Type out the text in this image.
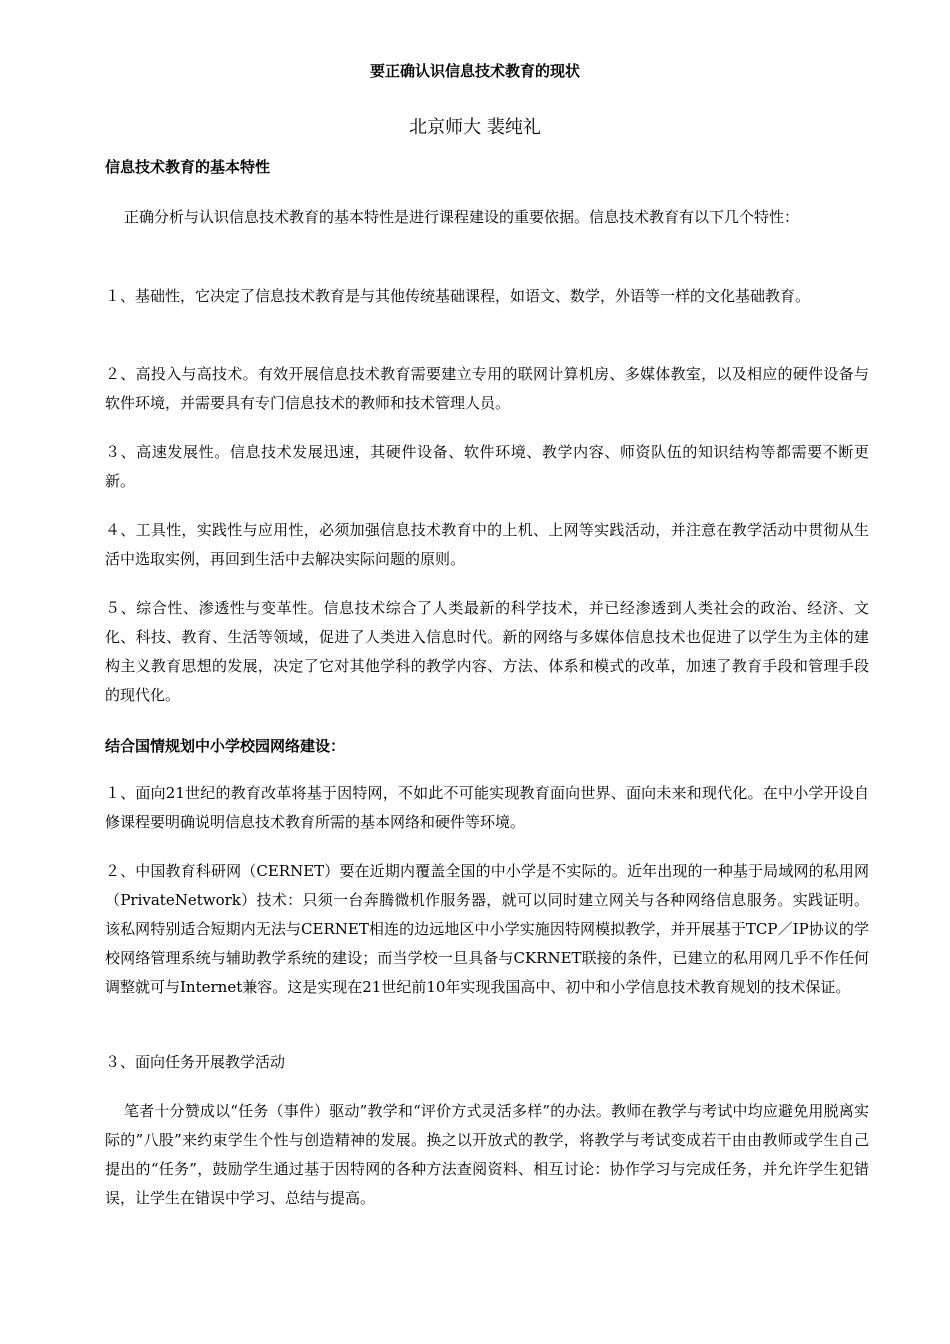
要正确认识信息技术教育的现状
北京师大 裴纯礼
信息技术教育的基本特性
正确分析与认识信息技术教育的基本特性是进行课程建设的重要依据。信息技术教育有以下几个特性：
１、基础性，它决定了信息技术教育是与其他传统基础课程，如语文、数学，外语等一样的文化基础教育。
２、高投入与高技术。有效开展信息技术教育需要建立专用的联网计算机房、多媒体教室，以及相应的硬件设备与软件环境，并需要具有专门信息技术的教师和技术管理人员。
３、高速发展性。信息技术发展迅速，其硬件设备、软件环境、教学内容、师资队伍的知识结构等都需要不断更新。
４、工具性，实践性与应用性，必须加强信息技术教育中的上机、上网等实践活动，并注意在教学活动中贯彻从生活中选取实例，再回到生活中去解决实际问题的原则。
５、综合性、渗透性与变革性。信息技术综合了人类最新的科学技术，并已经渗透到人类社会的政治、经济、文化、科技、教育、生活等领域，促进了人类进入信息时代。新的网络与多媒体信息技术也促进了以学生为主体的建构主义教育思想的发展，决定了它对其他学科的教学内容、方法、体系和模式的改革，加速了教育手段和管理手段的现代化。
结合国情规划中小学校园网络建设：
１、面向21世纪的教育改革将基于因特网，不如此不可能实现教育面向世界、面向未来和现代化。在中小学开设自修课程要明确说明信息技术教育所需的基本网络和硬件等环境。
２、中国教育科研网（CERNET）要在近期内覆盖全国的中小学是不实际的。近年出现的一种基于局域网的私用网（PrivateNetwork）技术：只须一台奔腾微机作服务器，就可以同时建立网关与各种网络信息服务。实践证明。该私网特别适合短期内无法与CERNET相连的边远地区中小学实施因特网模拟教学，并开展基于TCP／IP协议的学校网络管理系统与辅助教学系统的建设；而当学校一旦具备与CKRNET联接的条件，已建立的私用网几乎不作任何调整就可与Internet兼容。这是实现在21世纪前10年实现我国高中、初中和小学信息技术教育规划的技术保证。
３、面向任务开展教学活动
笔者十分赞成以“任务（事件）驱动”教学和“评价方式灵活多样”的办法。教师在教学与考试中均应避免用脱离实际的”八股”来约束学生个性与创造精神的发展。换之以开放式的教学，将教学与考试变成若干由由教师或学生自己提出的“任务”，鼓励学生通过基于因特网的各种方法查阅资料、相互讨论：协作学习与完成任务，并允许学生犯错误，让学生在错误中学习、总结与提高。
